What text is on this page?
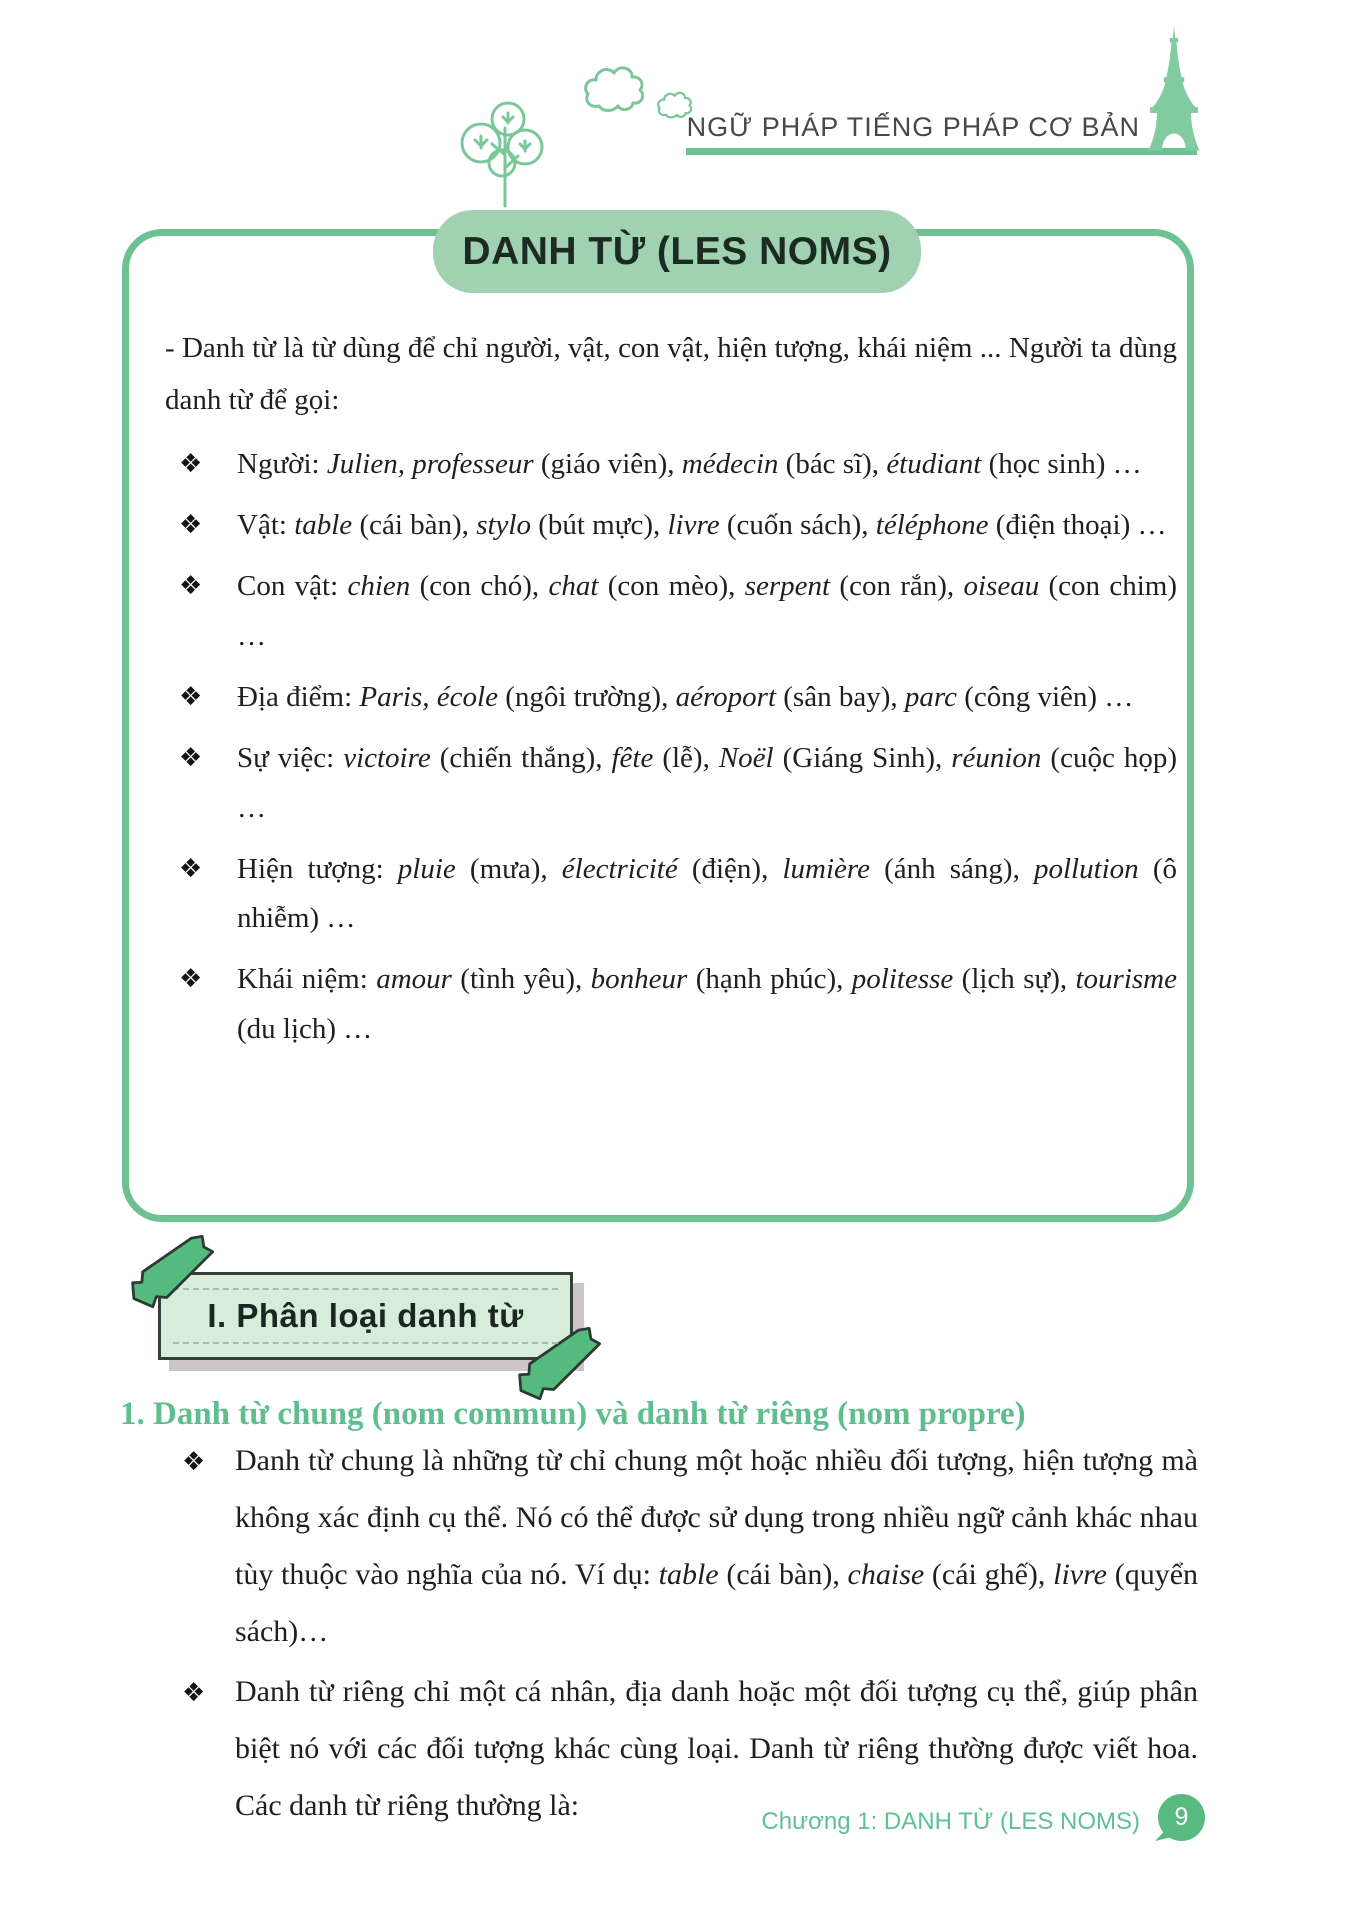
NGỮ PHÁP TIẾNG PHÁP CƠ BẢN
DANH TỪ (LES NOMS)

- Danh từ là từ dùng để chỉ người, vật, con vật, hiện tượng, khái niệm ... Người ta dùng danh từ để gọi:

❖ Người: Julien, professeur (giáo viên), médecin (bác sĩ), étudiant (học sinh) …
❖ Vật: table (cái bàn), stylo (bút mực), livre (cuốn sách), téléphone (điện thoại) …
❖ Con vật: chien (con chó), chat (con mèo), serpent (con rắn), oiseau (con chim) …
❖ Địa điểm: Paris, école (ngôi trường), aéroport (sân bay), parc (công viên) …
❖ Sự việc: victoire (chiến thắng), fête (lễ), Noël (Giáng Sinh), réunion (cuộc họp) …
❖ Hiện tượng: pluie (mưa), électricité (điện), lumière (ánh sáng), pollution (ô nhiễm) …
❖ Khái niệm: amour (tình yêu), bonheur (hạnh phúc), politesse (lịch sự), tourisme (du lịch) …
I. Phân loại danh từ
1. Danh từ chung (nom commun) và danh từ riêng (nom propre)
❖ Danh từ chung là những từ chỉ chung một hoặc nhiều đối tượng, hiện tượng mà không xác định cụ thể. Nó có thể được sử dụng trong nhiều ngữ cảnh khác nhau tùy thuộc vào nghĩa của nó. Ví dụ: table (cái bàn), chaise (cái ghế), livre (quyển sách)…
❖ Danh từ riêng chỉ một cá nhân, địa danh hoặc một đối tượng cụ thể, giúp phân biệt nó với các đối tượng khác cùng loại. Danh từ riêng thường được viết hoa. Các danh từ riêng thường là:	Chương 1: DANH TỪ (LES NOMS) 9
